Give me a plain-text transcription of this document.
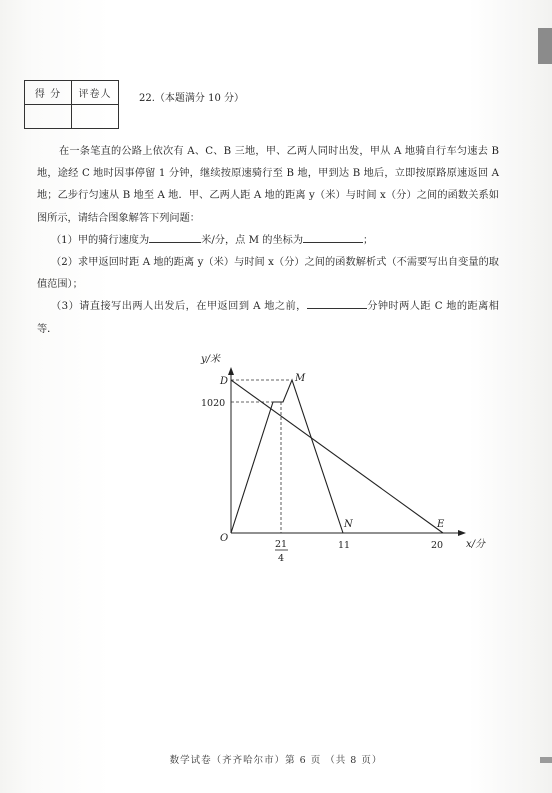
得 分	评卷人
		22.（本题满分 10 分）

在一条笔直的公路上依次有 A、C、B 三地，甲、乙两人同时出发，甲从 A 地骑自行车匀速去 B 地，途经 C 地时因事停留 1 分钟，继续按原速骑行至 B 地，甲到达 B 地后，立即按原路原速返回 A 地；乙步行匀速从 B 地至 A 地．甲、乙两人距 A 地的距离 y（米）与时间 x（分）之间的函数关系如图所示，请结合图象解答下列问题：

（1）甲的骑行速度为	米/分，点 M 的坐标为	；

（2）求甲返回时距 A 地的距离 y（米）与时间 x（分）之间的函数解析式（不需要写出自变量的取值范围）；

（3）请直接写出两人出发后，在甲返回到 A 地之前，	分钟时两人距 C 地的距离相等．

y/米
x/分
O
D	M
N	E
1020
21
4
11	20
数学试卷（齐齐哈尔市）第 6 页 （共 8 页）
